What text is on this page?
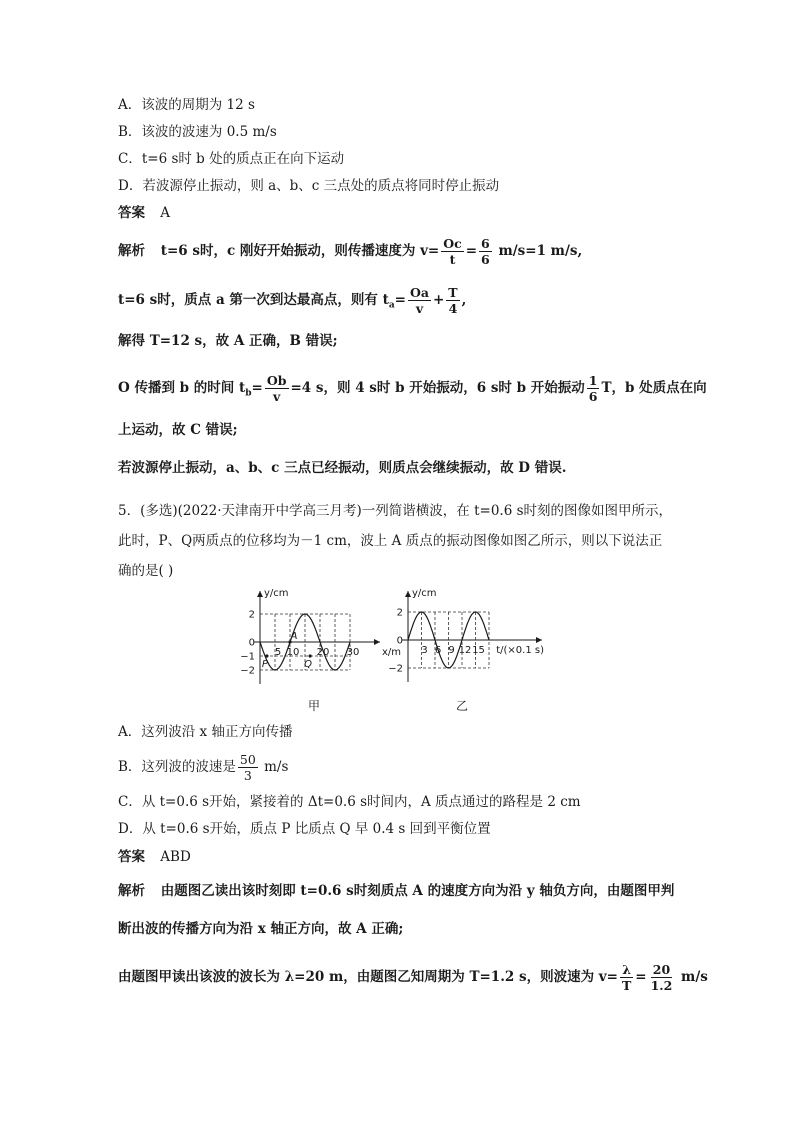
A．该波的周期为 12 s
B．该波的波速为 0.5 m/s
C．t=6 s时 b 处的质点正在向下运动
D．若波源停止振动，则 a、b、c 三点处的质点将同时停止振动
答案 A
解析 t=6 s时，c 刚好开始振动，则传播速度为 $v= \frac{Oc}{t} = \frac{6}{6} m/s=1$ m/s,
t=6 s时，质点 a 第一次到达最高点，则有 $t_a= \frac{Oa}{v} + \frac{T}{4}$ ,
解得 T=12 s，故 A 正确，B 错误;
O 传播到 b 的时间 $t_b= \frac{Ob}{v} =4$ s，则 4 s时 b 开始振动，6 s时 b 开始振动 $\frac{1}{6}$ T，b 处质点在向
上运动，故 C 错误;
若波源停止振动，a、b、c 三点已经振动，则质点会继续振动，故 D 错误.
5．(多选)(2022·天津南开中学高三月考)一列简谐横波，在 t=0.6 s时刻的图像如图甲所示，
此时，P、Q两质点的位移均为－1 cm，波上 A 质点的振动图像如图乙所示，则以下说法正
确的是( )
y/cm
2
0
−1
−2
5 10 20 30 x/m
P
A
Q
y/cm
2
0
−2
3 6 9 12 15 t/(×0.1 s)
甲	乙
A．这列波沿 x 轴正方向传播
B．这列波的波速是 $\frac{50}{3} m/s$
C．从 t=0.6 s开始，紧接着的 Δt=0.6 s时间内，A 质点通过的路程是 2 cm
D．从 t=0.6 s开始，质点 P 比质点 Q 早 0.4 s 回到平衡位置
答案 ABD
解析 由题图乙读出该时刻即 t=0.6 s时刻质点 A 的速度方向为沿 y 轴负方向，由题图甲判
断出波的传播方向为沿 x 轴正方向，故 A 正确;
由题图甲读出该波的波长为 λ=20 m，由题图乙知周期为 T=1.2 s，则波速为 $v= \frac{\lambda}{T} = \frac{20}{1.2} m/s$
